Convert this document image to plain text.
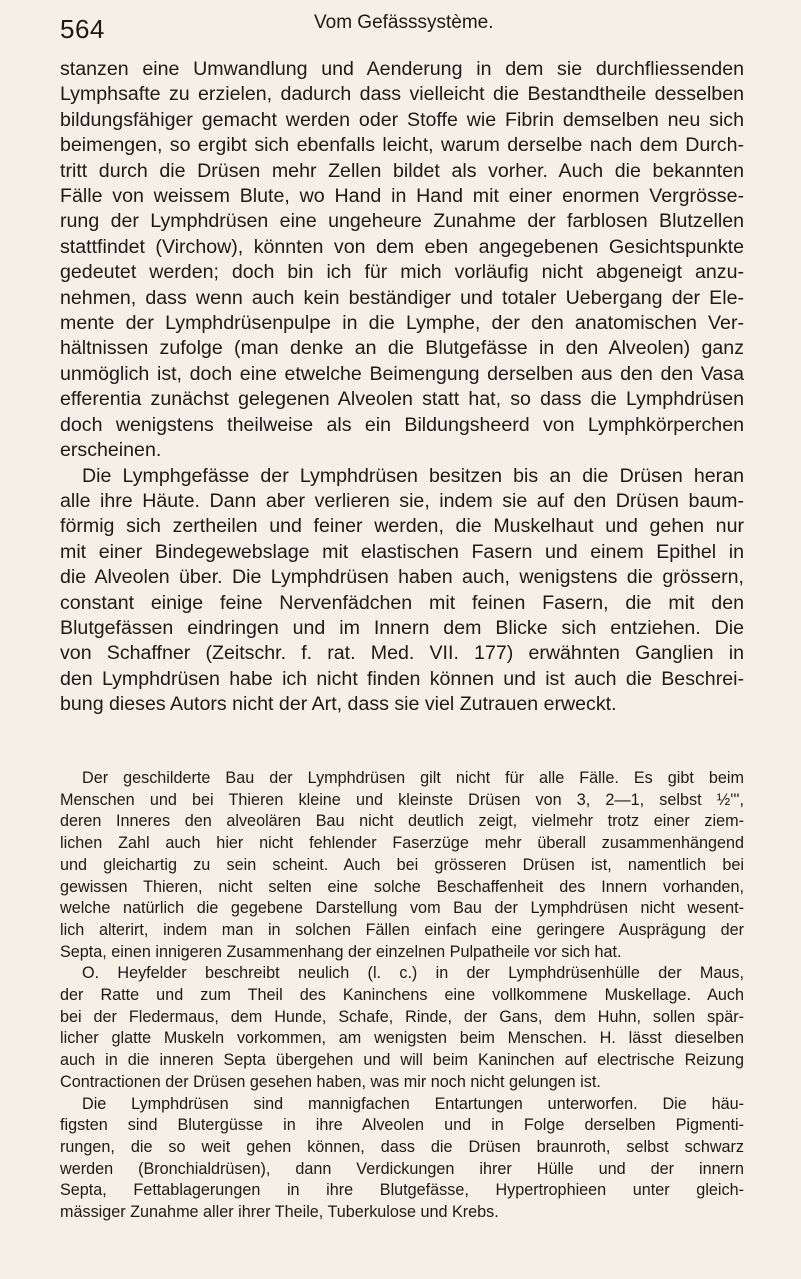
564	Vom Gefässsystème.
stanzen eine Umwandlung und Aenderung in dem sie durchfliessenden
Lymphsafte zu erzielen, dadurch dass vielleicht die Bestandtheile desselben
bildungsfähiger gemacht werden oder Stoffe wie Fibrin demselben neu sich
beimengen, so ergibt sich ebenfalls leicht, warum derselbe nach dem Durch-
tritt durch die Drüsen mehr Zellen bildet als vorher. Auch die bekannten
Fälle von weissem Blute, wo Hand in Hand mit einer enormen Vergrösse-
rung der Lymphdrüsen eine ungeheure Zunahme der farblosen Blutzellen
stattfindet (Virchow), könnten von dem eben angegebenen Gesichtspunkte
gedeutet werden; doch bin ich für mich vorläufig nicht abgeneigt anzu-
nehmen, dass wenn auch kein beständiger und totaler Uebergang der Ele-
mente der Lymphdrüsenpulpe in die Lymphe, der den anatomischen Ver-
hältnissen zufolge (man denke an die Blutgefässe in den Alveolen) ganz
unmöglich ist, doch eine etwelche Beimengung derselben aus den den Vasa
efferentia zunächst gelegenen Alveolen statt hat, so dass die Lymphdrüsen
doch wenigstens theilweise als ein Bildungsheerd von Lymphkörperchen
erscheinen.
Die Lymphgefässe der Lymphdrüsen besitzen bis an die Drüsen heran
alle ihre Häute. Dann aber verlieren sie, indem sie auf den Drüsen baum-
förmig sich zertheilen und feiner werden, die Muskelhaut und gehen nur
mit einer Bindegewebslage mit elastischen Fasern und einem Epithel in
die Alveolen über. Die Lymphdrüsen haben auch, wenigstens die grössern,
constant einige feine Nervenfädchen mit feinen Fasern, die mit den
Blutgefässen eindringen und im Innern dem Blicke sich entziehen. Die
von Schaffner (Zeitschr. f. rat. Med. VII. 177) erwähnten Ganglien in
den Lymphdrüsen habe ich nicht finden können und ist auch die Beschrei-
bung dieses Autors nicht der Art, dass sie viel Zutrauen erweckt.
Der geschilderte Bau der Lymphdrüsen gilt nicht für alle Fälle. Es gibt beim
Menschen und bei Thieren kleine und kleinste Drüsen von 3, 2—1, selbst ½''',
deren Inneres den alveolären Bau nicht deutlich zeigt, vielmehr trotz einer ziem-
lichen Zahl auch hier nicht fehlender Faserzüge mehr überall zusammenhängend
und gleichartig zu sein scheint. Auch bei grösseren Drüsen ist, namentlich bei
gewissen Thieren, nicht selten eine solche Beschaffenheit des Innern vorhanden,
welche natürlich die gegebene Darstellung vom Bau der Lymphdrüsen nicht wesent-
lich alterirt, indem man in solchen Fällen einfach eine geringere Ausprägung der
Septa, einen innigeren Zusammenhang der einzelnen Pulpatheile vor sich hat.
O. Heyfelder beschreibt neulich (l. c.) in der Lymphdrüsenhülle der Maus,
der Ratte und zum Theil des Kaninchens eine vollkommene Muskellage. Auch
bei der Fledermaus, dem Hunde, Schafe, Rinde, der Gans, dem Huhn, sollen spär-
licher glatte Muskeln vorkommen, am wenigsten beim Menschen. H. lässt dieselben
auch in die inneren Septa übergehen und will beim Kaninchen auf electrische Reizung
Contractionen der Drüsen gesehen haben, was mir noch nicht gelungen ist.
Die Lymphdrüsen sind mannigfachen Entartungen unterworfen. Die häu-
figsten sind Blutergüsse in ihre Alveolen und in Folge derselben Pigmenti-
rungen, die so weit gehen können, dass die Drüsen braunroth, selbst schwarz
werden (Bronchialdrüsen), dann Verdickungen ihrer Hülle und der innern
Septa, Fettablagerungen in ihre Blutgefässe, Hypertrophieen unter gleich-
mässiger Zunahme aller ihrer Theile, Tuberkulose und Krebs.
